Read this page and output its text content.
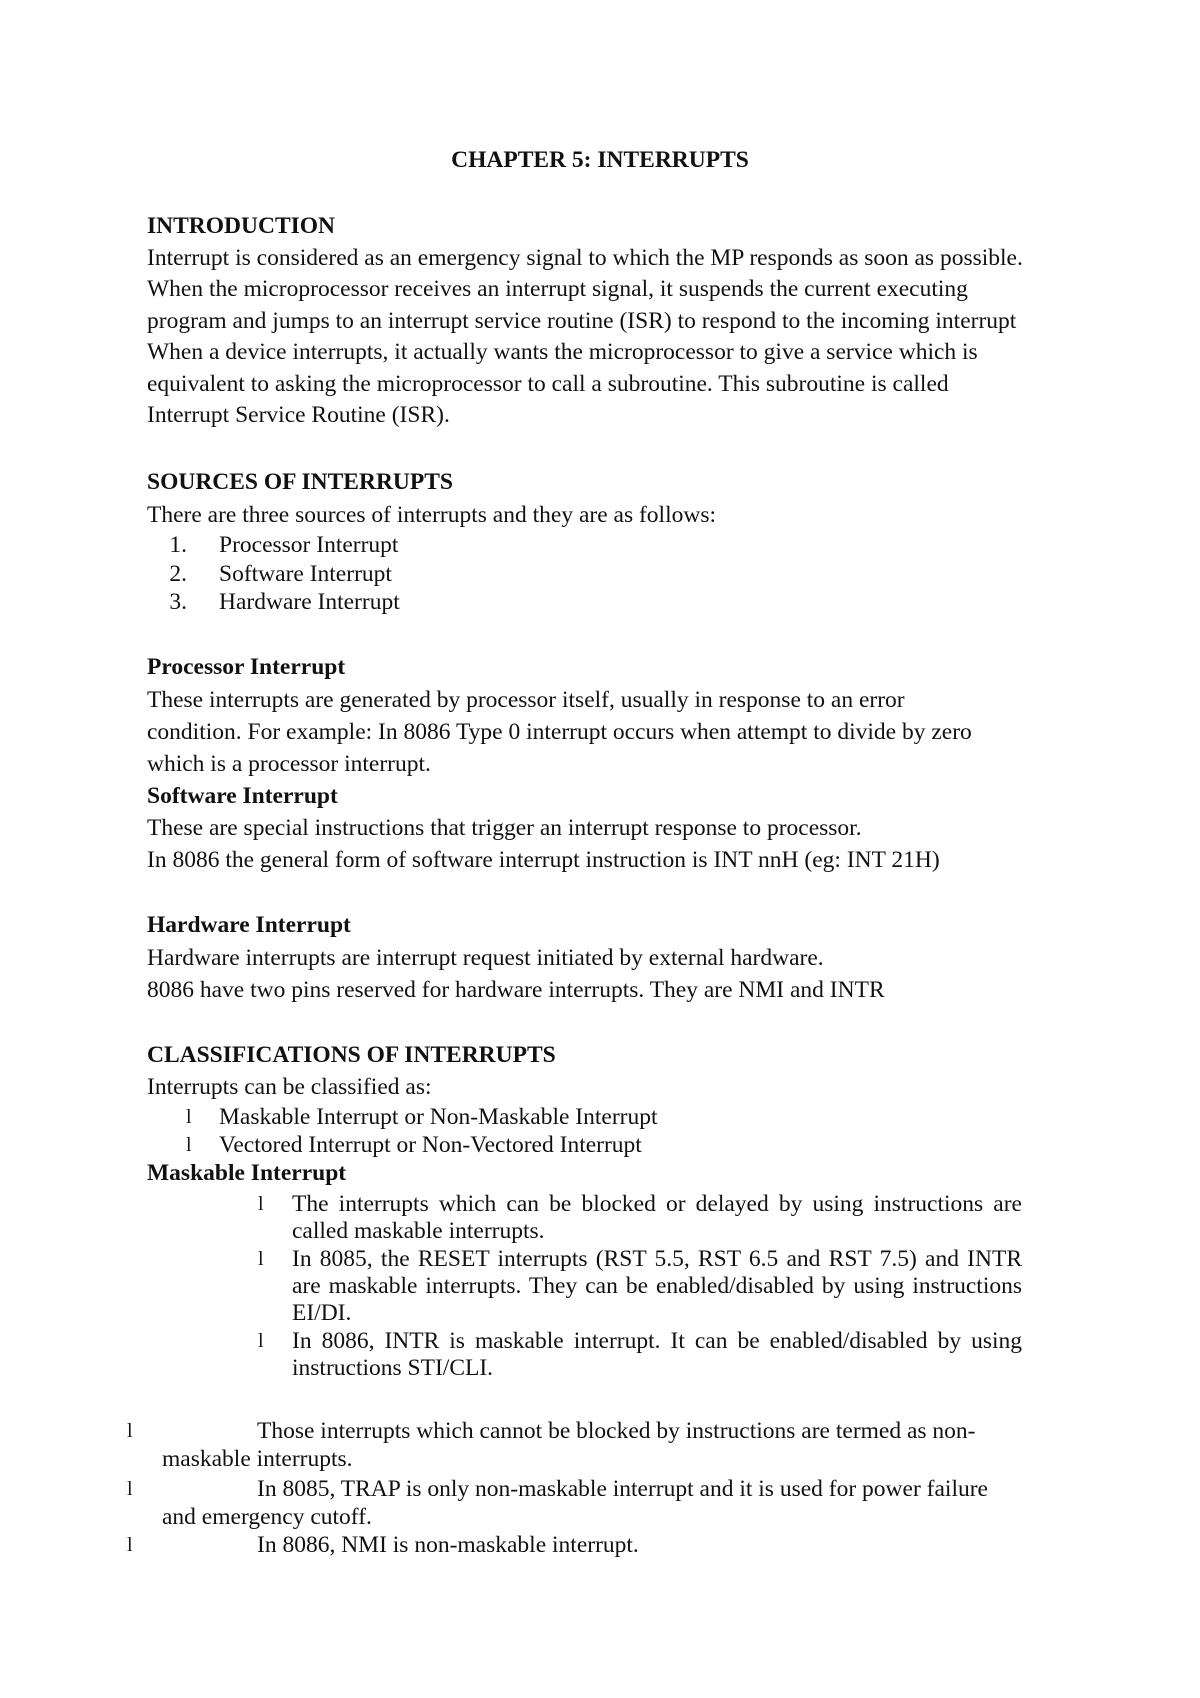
CHAPTER 5: INTERRUPTS
INTRODUCTION
Interrupt is considered as an emergency signal to which the MP responds as soon as possible.
When the microprocessor receives an interrupt signal, it suspends the current executing
program and jumps to an interrupt service routine (ISR) to respond to the incoming interrupt
When a device interrupts, it actually wants the microprocessor to give a service which is
equivalent to asking the microprocessor to call a subroutine. This subroutine is called
Interrupt Service Routine (ISR).
SOURCES OF INTERRUPTS
There are three sources of interrupts and they are as follows:
1. Processor Interrupt
2. Software Interrupt
3. Hardware Interrupt
Processor Interrupt
These interrupts are generated by processor itself, usually in response to an error
condition. For example: In 8086 Type 0 interrupt occurs when attempt to divide by zero
which is a processor interrupt.
Software Interrupt
These are special instructions that trigger an interrupt response to processor.
In 8086 the general form of software interrupt instruction is INT nnH (eg: INT 21H)
Hardware Interrupt
Hardware interrupts are interrupt request initiated by external hardware.
8086 have two pins reserved for hardware interrupts. They are NMI and INTR
CLASSIFICATIONS OF INTERRUPTS
Interrupts can be classified as:
l Maskable Interrupt or Non-Maskable Interrupt
l Vectored Interrupt or Non-Vectored Interrupt
Maskable Interrupt
l The interrupts which can be blocked or delayed by using instructions are called maskable interrupts.
l In 8085, the RESET interrupts (RST 5.5, RST 6.5 and RST 7.5) and INTR are maskable interrupts. They can be enabled/disabled by using instructions EI/DI.
l In 8086, INTR is maskable interrupt. It can be enabled/disabled by using instructions STI/CLI.
l	Those interrupts which cannot be blocked by instructions are termed as non-
maskable interrupts.
l	In 8085, TRAP is only non-maskable interrupt and it is used for power failure
and emergency cutoff.
l	In 8086, NMI is non-maskable interrupt.
